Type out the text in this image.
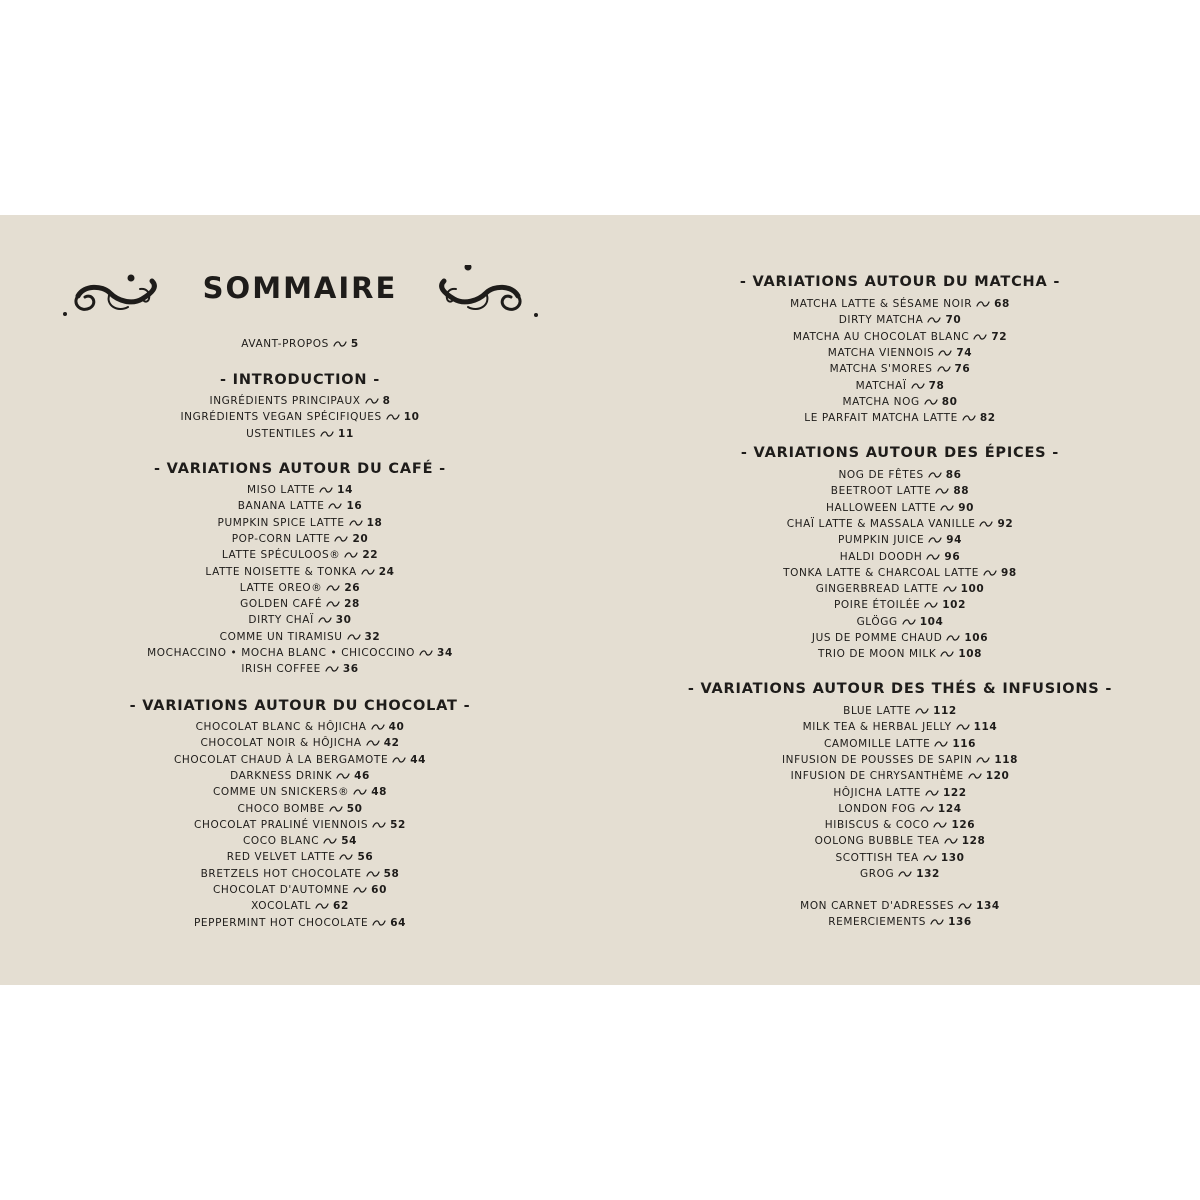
SOMMAIRE
AVANT-PROPOS 5
- INTRODUCTION -
INGRÉDIENTS PRINCIPAUX 8
INGRÉDIENTS VEGAN SPÉCIFIQUES 10
USTENTILES 11
- VARIATIONS AUTOUR DU CAFÉ -
MISO LATTE 14
BANANA LATTE 16
PUMPKIN SPICE LATTE 18
POP-CORN LATTE 20
LATTE SPÉCULOOS® 22
LATTE NOISETTE & TONKA 24
LATTE OREO® 26
GOLDEN CAFÉ 28
DIRTY CHAÏ 30
COMME UN TIRAMISU 32
MOCHACCINO • MOCHA BLANC • CHICOCCINO 34
IRISH COFFEE 36
- VARIATIONS AUTOUR DU CHOCOLAT -
CHOCOLAT BLANC & HÔJICHA 40
CHOCOLAT NOIR & HÔJICHA 42
CHOCOLAT CHAUD À LA BERGAMOTE 44
DARKNESS DRINK 46
COMME UN SNICKERS® 48
CHOCO BOMBE 50
CHOCOLAT PRALINÉ VIENNOIS 52
COCO BLANC 54
RED VELVET LATTE 56
BRETZELS HOT CHOCOLATE 58
CHOCOLAT D'AUTOMNE 60
XOCOLATL 62
PEPPERMINT HOT CHOCOLATE 64
- VARIATIONS AUTOUR DU MATCHA -
MATCHA LATTE & SÉSAME NOIR 68
DIRTY MATCHA 70
MATCHA AU CHOCOLAT BLANC 72
MATCHA VIENNOIS 74
MATCHA S'MORES 76
MATCHAÏ 78
MATCHA NOG 80
LE PARFAIT MATCHA LATTE 82
- VARIATIONS AUTOUR DES ÉPICES -
NOG DE FÊTES 86
BEETROOT LATTE 88
HALLOWEEN LATTE 90
CHAÏ LATTE & MASSALA VANILLE 92
PUMPKIN JUICE 94
HALDI DOODH 96
TONKA LATTE & CHARCOAL LATTE 98
GINGERBREAD LATTE 100
POIRE ÉTOILÉE 102
GLÖGG 104
JUS DE POMME CHAUD 106
TRIO DE MOON MILK 108
- VARIATIONS AUTOUR DES THÉS & INFUSIONS -
BLUE LATTE 112
MILK TEA & HERBAL JELLY 114
CAMOMILLE LATTE 116
INFUSION DE POUSSES DE SAPIN 118
INFUSION DE CHRYSANTHÈME 120
HÔJICHA LATTE 122
LONDON FOG 124
HIBISCUS & COCO 126
OOLONG BUBBLE TEA 128
SCOTTISH TEA 130
GROG 132
MON CARNET D'ADRESSES 134
REMERCIEMENTS 136
